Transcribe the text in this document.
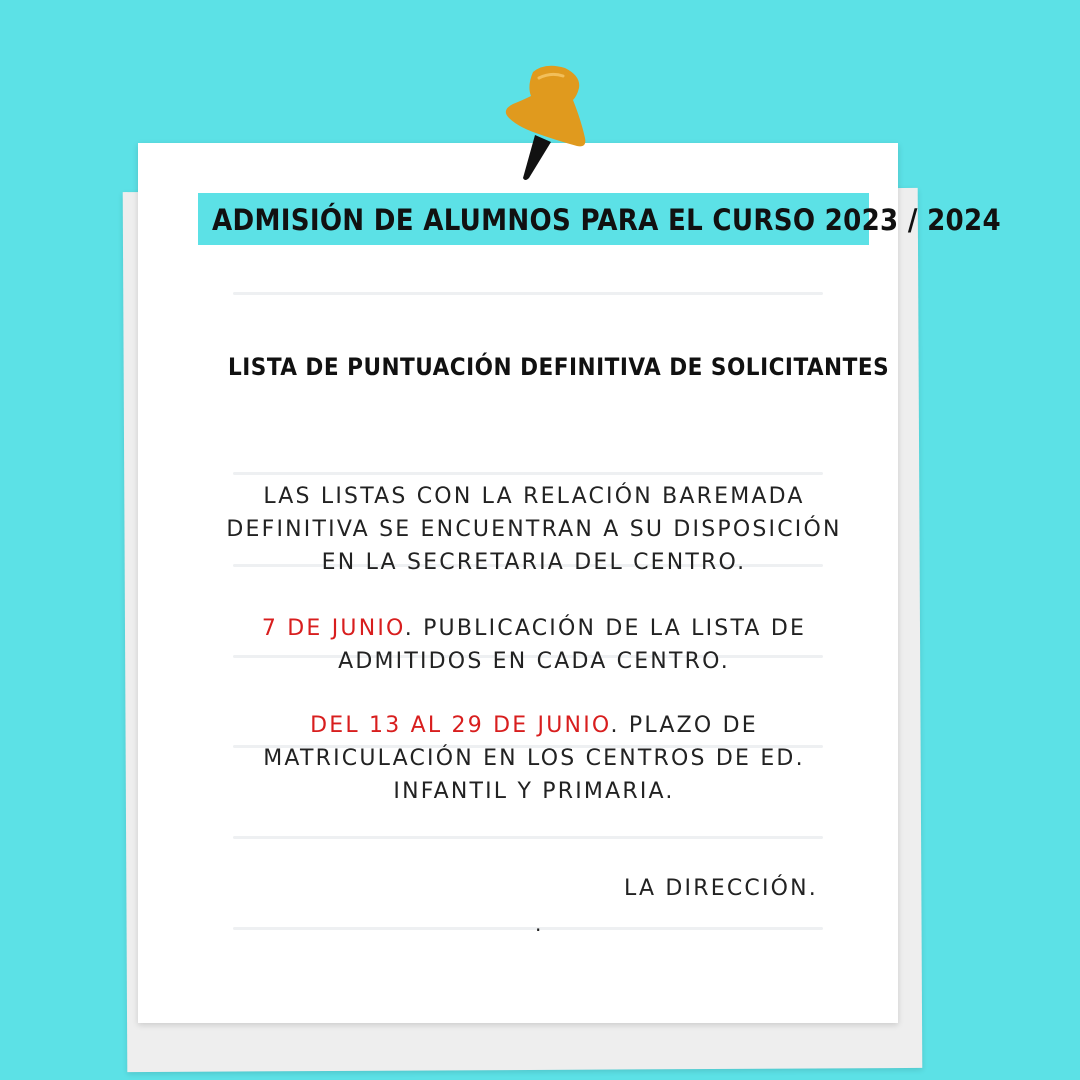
ADMISIÓN DE ALUMNOS PARA EL CURSO 2023 / 2024
LISTA DE PUNTUACIÓN DEFINITIVA DE SOLICITANTES
LAS LISTAS CON LA RELACIÓN BAREMADA
DEFINITIVA SE ENCUENTRAN A SU DISPOSICIÓN
EN LA SECRETARIA DEL CENTRO.
7 DE JUNIO. PUBLICACIÓN DE LA LISTA DE
ADMITIDOS EN CADA CENTRO.
DEL 13 AL 29 DE JUNIO. PLAZO DE
MATRICULACIÓN EN LOS CENTROS DE ED.
INFANTIL Y PRIMARIA.
LA DIRECCIÓN.
.
